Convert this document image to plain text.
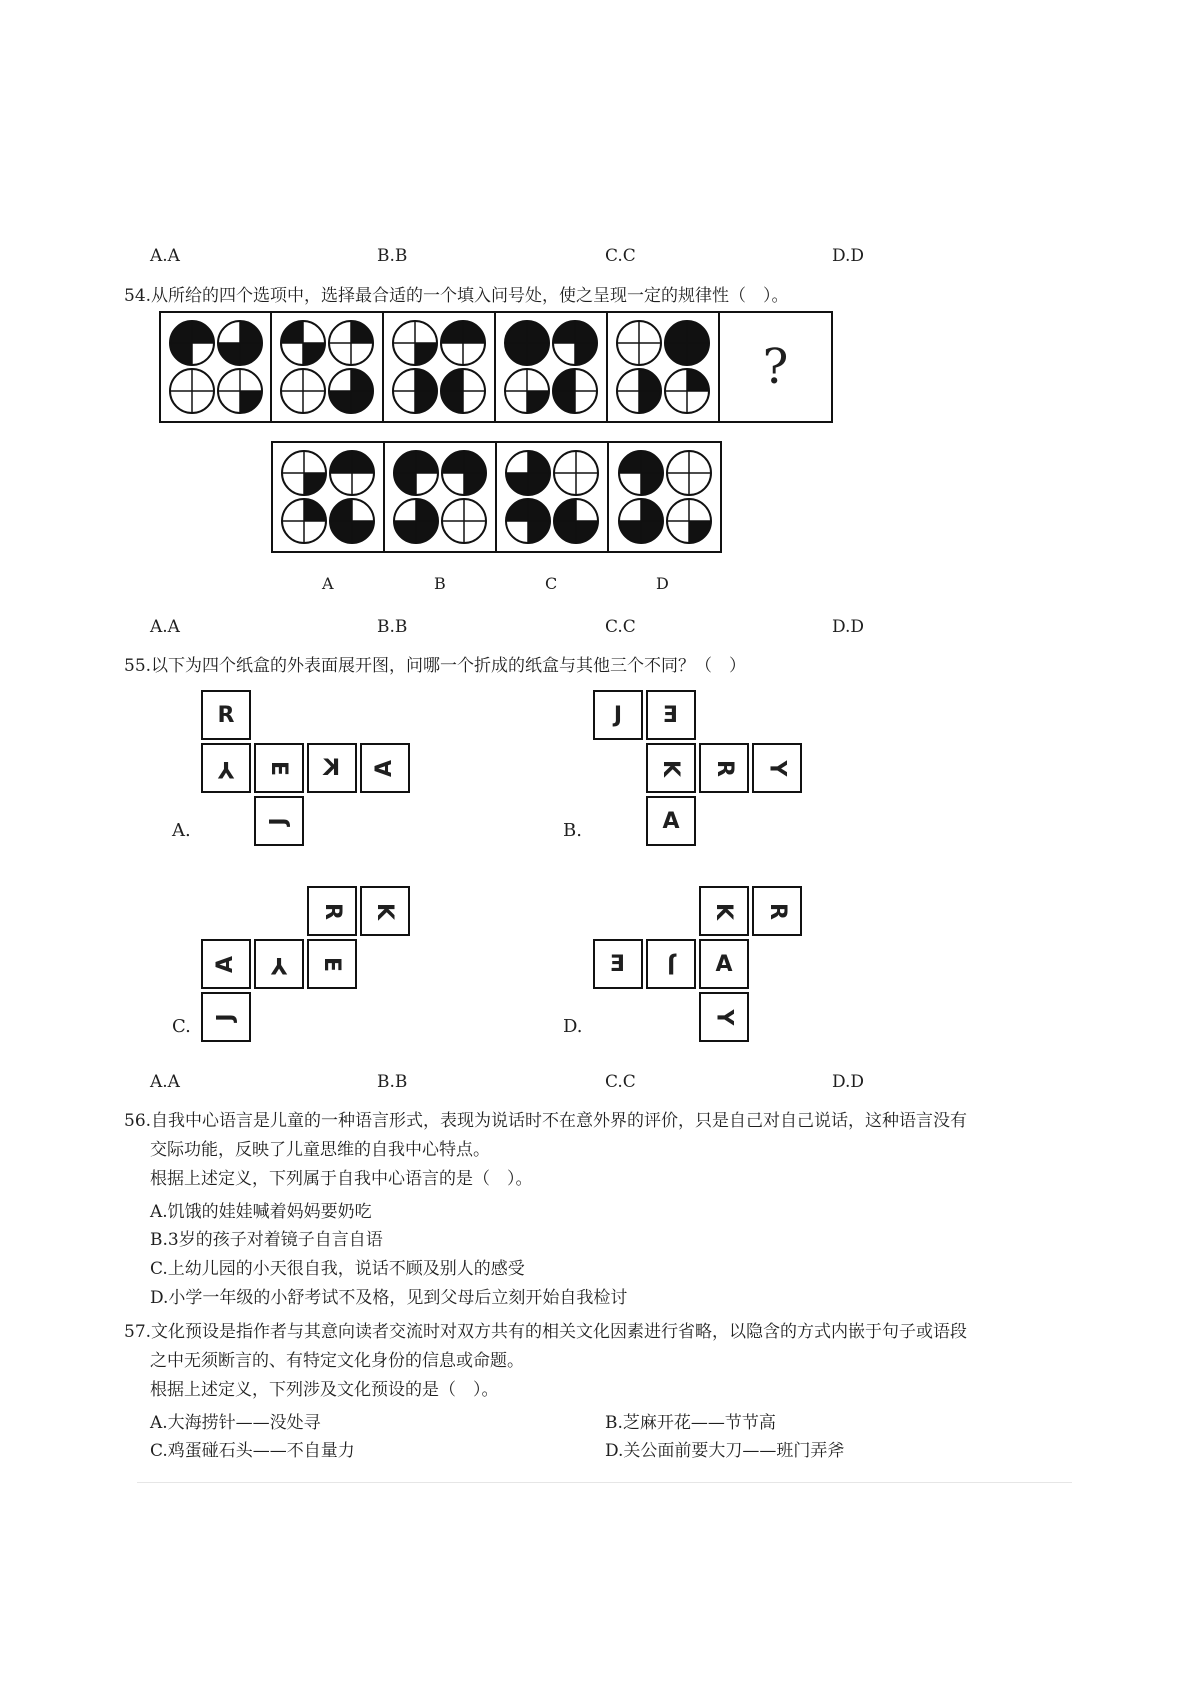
A.A	B.B	C.C	D.D
54.从所给的四个选项中，选择最合适的一个填入问号处，使之呈现一定的规律性（　）。
?
A	B	C	D
A.A	B.B	C.C	D.D
55.以下为四个纸盒的外表面展开图，问哪一个折成的纸盒与其他三个不同？（　）
R
Y E K A
J
A.
J E
K R Y
A
B.
R K
A Y E
J
C.
K R
E J A
Y
D.
A.A	B.B	C.C	D.D
56.自我中心语言是儿童的一种语言形式，表现为说话时不在意外界的评价，只是自己对自己说话，这种语言没有
交际功能，反映了儿童思维的自我中心特点。
根据上述定义，下列属于自我中心语言的是（　）。
A.饥饿的娃娃喊着妈妈要奶吃
B.3岁的孩子对着镜子自言自语
C.上幼儿园的小天很自我，说话不顾及别人的感受
D.小学一年级的小舒考试不及格，见到父母后立刻开始自我检讨
57.文化预设是指作者与其意向读者交流时对双方共有的相关文化因素进行省略，以隐含的方式内嵌于句子或语段
之中无须断言的、有特定文化身份的信息或命题。
根据上述定义，下列涉及文化预设的是（　）。
A.大海捞针——没处寻	B.芝麻开花——节节高
C.鸡蛋碰石头——不自量力	D.关公面前要大刀——班门弄斧
